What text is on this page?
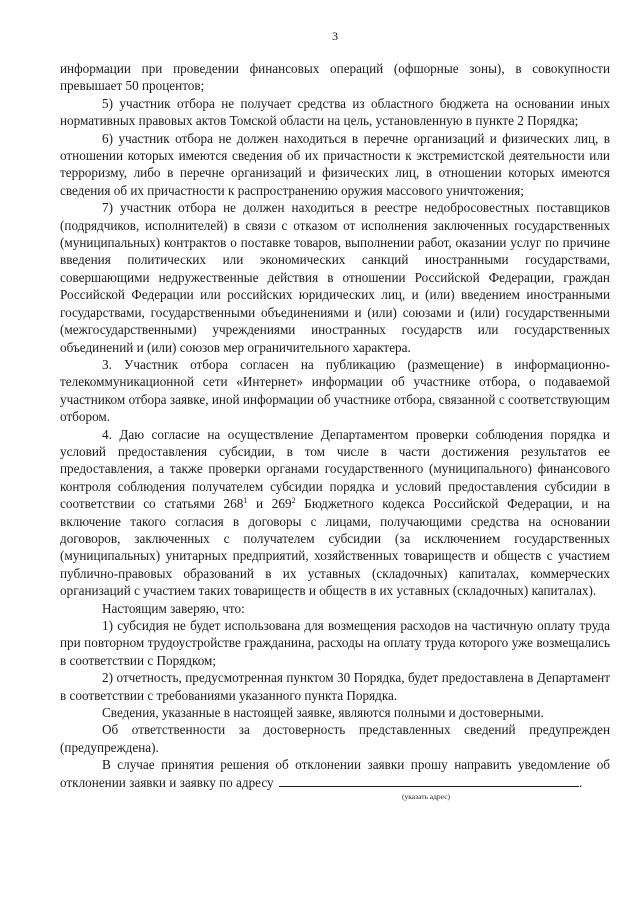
3

информации при проведении финансовых операций (офшорные зоны), в совокупности превышает 50 процентов;

5) участник отбора не получает средства из областного бюджета на основании иных нормативных правовых актов Томской области на цель, установленную в пункте 2 Порядка;

6) участник отбора не должен находиться в перечне организаций и физических лиц, в отношении которых имеются сведения об их причастности к экстремистской деятельности или терроризму, либо в перечне организаций и физических лиц, в отношении которых имеются сведения об их причастности к распространению оружия массового уничтожения;

7) участник отбора не должен находиться в реестре недобросовестных поставщиков (подрядчиков, исполнителей) в связи с отказом от исполнения заключенных государственных (муниципальных) контрактов о поставке товаров, выполнении работ, оказании услуг по причине введения политических или экономических санкций иностранными государствами, совершающими недружественные действия в отношении Российской Федерации, граждан Российской Федерации или российских юридических лиц, и (или) введением иностранными государствами, государственными объединениями и (или) союзами и (или) государственными (межгосударственными) учреждениями иностранных государств или государственных объединений и (или) союзов мер ограничительного характера.

3. Участник отбора согласен на публикацию (размещение) в информационно-телекоммуникационной сети «Интернет» информации об участнике отбора, о подаваемой участником отбора заявке, иной информации об участнике отбора, связанной с соответствующим отбором.

4. Даю согласие на осуществление Департаментом проверки соблюдения порядка и условий предоставления субсидии, в том числе в части достижения результатов ее предоставления, а также проверки органами государственного (муниципального) финансового контроля соблюдения получателем субсидии порядка и условий предоставления субсидии в соответствии со статьями $268^1$ и $269^2$ Бюджетного кодекса Российской Федерации, и на включение такого согласия в договоры с лицами, получающими средства на основании договоров, заключенных с получателем субсидии (за исключением государственных (муниципальных) унитарных предприятий, хозяйственных товариществ и обществ с участием публично-правовых образований в их уставных (складочных) капиталах, коммерческих организаций с участием таких товариществ и обществ в их уставных (складочных) капиталах).

Настоящим заверяю, что:

1) субсидия не будет использована для возмещения расходов на частичную оплату труда при повторном трудоустройстве гражданина, расходы на оплату труда которого уже возмещались в соответствии с Порядком;

2) отчетность, предусмотренная пунктом 30 Порядка, будет предоставлена в Департамент в соответствии с требованиями указанного пункта Порядка.

Сведения, указанные в настоящей заявке, являются полными и достоверными.

Об ответственности за достоверность представленных сведений предупрежден (предупреждена).

В случае принятия решения об отклонении заявки прошу направить уведомление об отклонении заявки и заявку по адресу	.

(указать адрес)
